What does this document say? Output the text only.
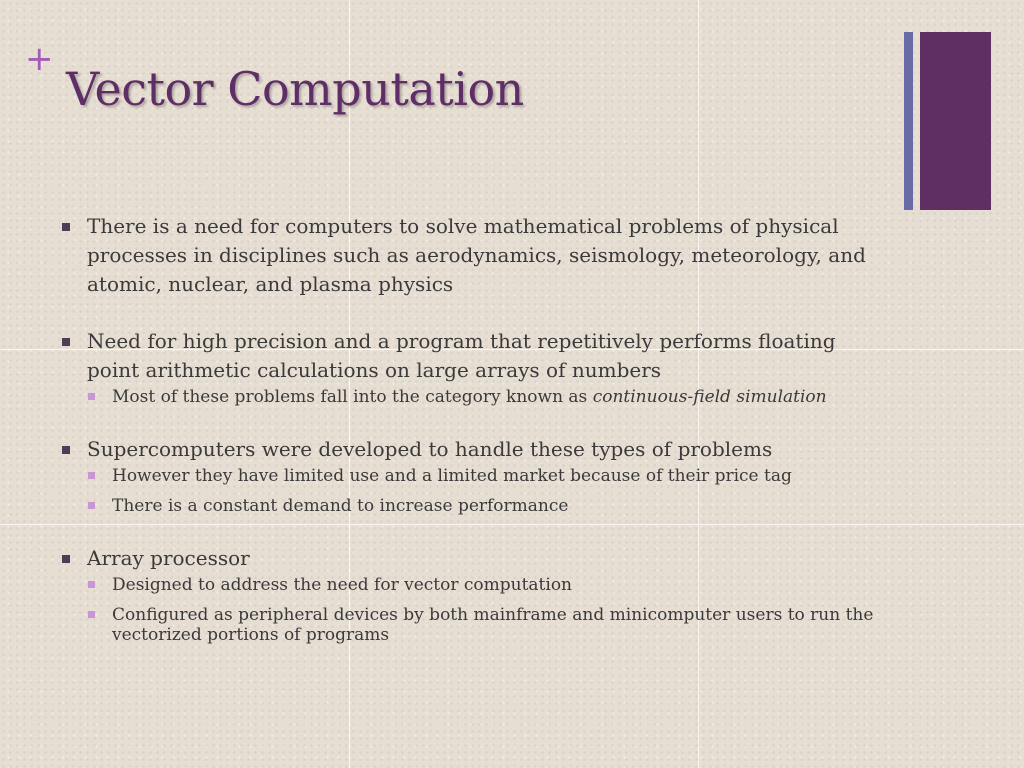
+
Vector Computation
There is a need for computers to solve mathematical problems of physical processes in disciplines such as aerodynamics, seismology, meteorology, and atomic, nuclear, and plasma physics
Need for high precision and a program that repetitively performs floating point arithmetic calculations on large arrays of numbers
Most of these problems fall into the category known as continuous-field simulation
Supercomputers were developed to handle these types of problems
However they have limited use and a limited market because of their price tag
There is a constant demand to increase performance
Array processor
Designed to address the need for vector computation
Configured as peripheral devices by both mainframe and minicomputer users to run the vectorized portions of programs
